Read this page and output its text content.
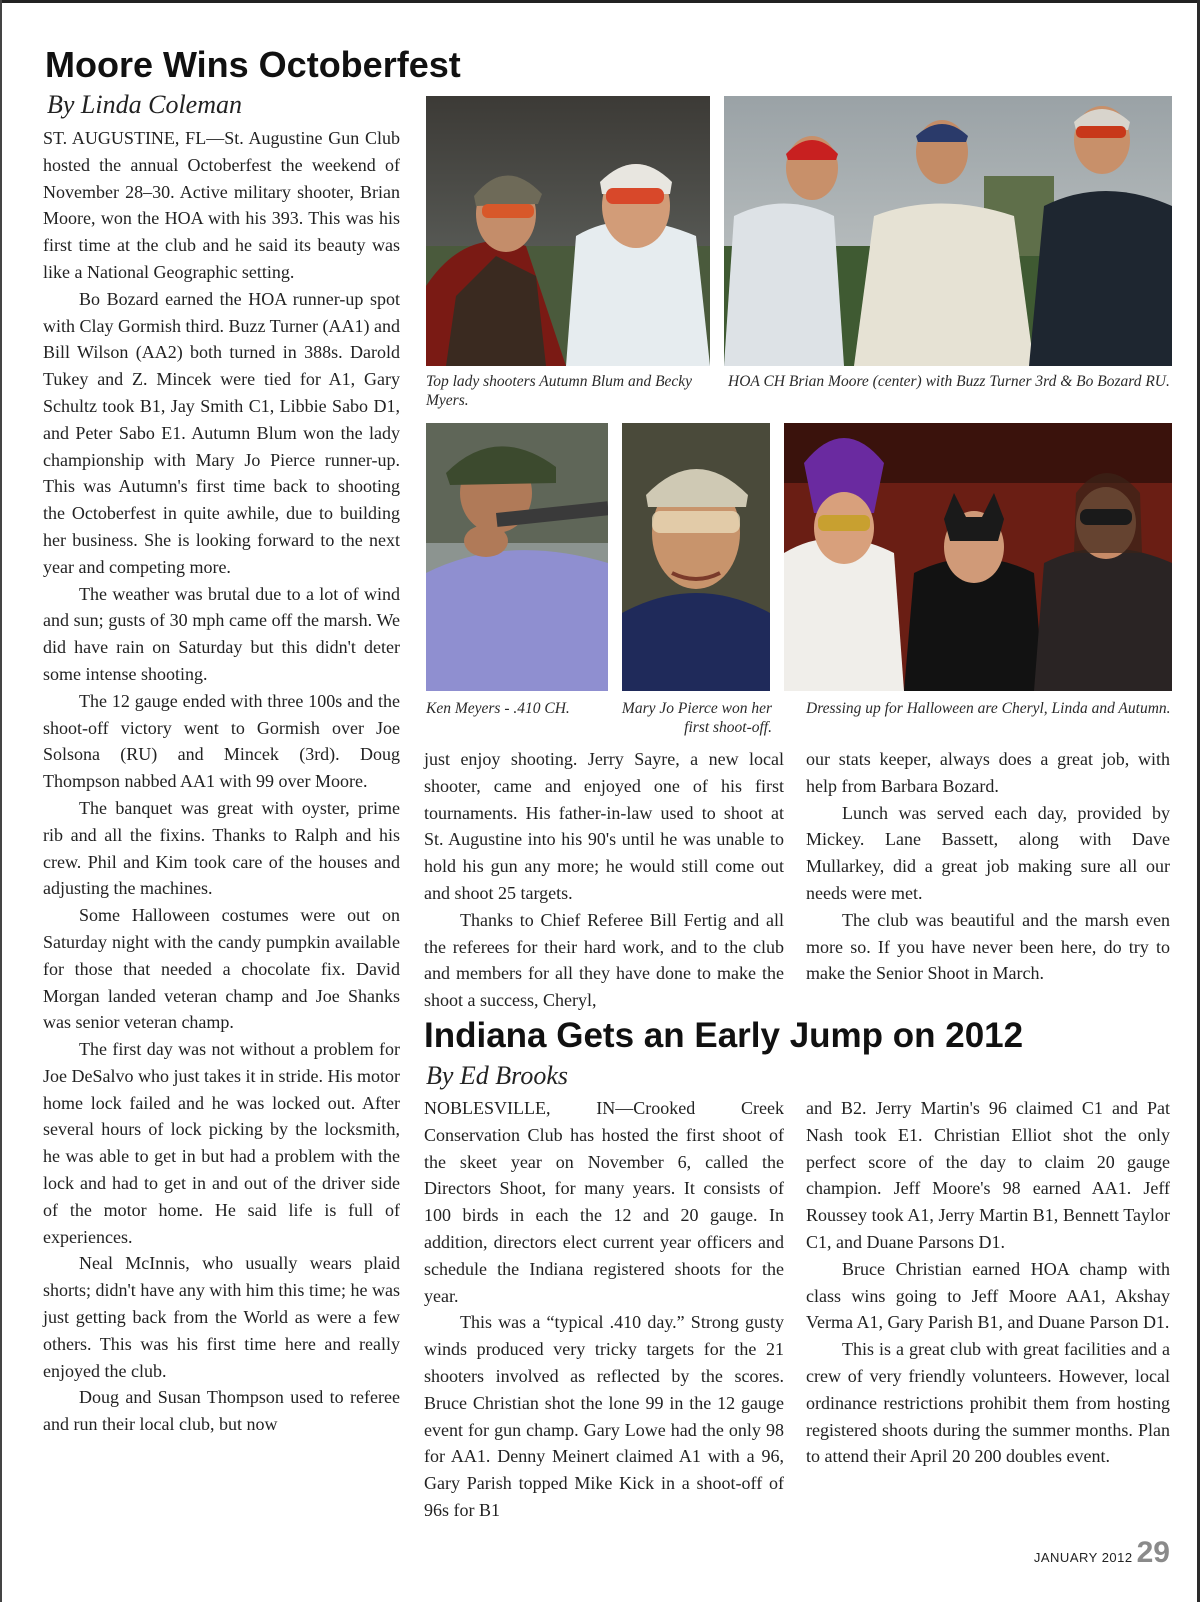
Moore Wins Octoberfest
By Linda Coleman

ST. AUGUSTINE, FL—St. Augustine Gun Club hosted the annual Octoberfest the weekend of November 28–30. Active military shooter, Brian Moore, won the HOA with his 393. This was his first time at the club and he said its beauty was like a National Geographic setting.

Bo Bozard earned the HOA runner-up spot with Clay Gormish third. Buzz Turner (AA1) and Bill Wilson (AA2) both turned in 388s. Darold Tukey and Z. Mincek were tied for A1, Gary Schultz took B1, Jay Smith C1, Libbie Sabo D1, and Peter Sabo E1. Autumn Blum won the lady championship with Mary Jo Pierce runner-up. This was Autumn's first time back to shooting the Octoberfest in quite awhile, due to building her business. She is looking forward to the next year and competing more.

The weather was brutal due to a lot of wind and sun; gusts of 30 mph came off the marsh. We did have rain on Saturday but this didn't deter some intense shooting.

The 12 gauge ended with three 100s and the shoot-off victory went to Gormish over Joe Solsona (RU) and Mincek (3rd). Doug Thompson nabbed AA1 with 99 over Moore.

The banquet was great with oyster, prime rib and all the fixins. Thanks to Ralph and his crew. Phil and Kim took care of the houses and adjusting the machines.

Some Halloween costumes were out on Saturday night with the candy pumpkin available for those that needed a chocolate fix. David Morgan landed veteran champ and Joe Shanks was senior veteran champ.

The first day was not without a problem for Joe DeSalvo who just takes it in stride. His motor home lock failed and he was locked out. After several hours of lock picking by the locksmith, he was able to get in but had a problem with the lock and had to get in and out of the driver side of the motor home. He said life is full of experiences.

Neal McInnis, who usually wears plaid shorts; didn't have any with him this time; he was just getting back from the World as were a few others. This was his first time here and really enjoyed the club.

Doug and Susan Thompson used to referee and run their local club, but now

Top lady shooters Autumn Blum and Becky Myers.
HOA CH Brian Moore (center) with Buzz Turner 3rd & Bo Bozard RU.
Ken Meyers - .410 CH.	Mary Jo Pierce won her first shoot-off.
Dressing up for Halloween are Cheryl, Linda and Autumn.

just enjoy shooting. Jerry Sayre, a new local shooter, came and enjoyed one of his first tournaments. His father-in-law used to shoot at St. Augustine into his 90's until he was unable to hold his gun any more; he would still come out and shoot 25 targets.

Thanks to Chief Referee Bill Fertig and all the referees for their hard work, and to the club and members for all they have done to make the shoot a success, Cheryl,

our stats keeper, always does a great job, with help from Barbara Bozard.

Lunch was served each day, provided by Mickey. Lane Bassett, along with Dave Mullarkey, did a great job making sure all our needs were met.

The club was beautiful and the marsh even more so. If you have never been here, do try to make the Senior Shoot in March.

Indiana Gets an Early Jump on 2012
By Ed Brooks

NOBLESVILLE, IN—Crooked Creek Conservation Club has hosted the first shoot of the skeet year on November 6, called the Directors Shoot, for many years. It consists of 100 birds in each the 12 and 20 gauge. In addition, directors elect current year officers and schedule the Indiana registered shoots for the year.

This was a “typical .410 day.” Strong gusty winds produced very tricky targets for the 21 shooters involved as reflected by the scores. Bruce Christian shot the lone 99 in the 12 gauge event for gun champ. Gary Lowe had the only 98 for AA1. Denny Meinert claimed A1 with a 96, Gary Parish topped Mike Kick in a shoot-off of 96s for B1

and B2. Jerry Martin's 96 claimed C1 and Pat Nash took E1. Christian Elliot shot the only perfect score of the day to claim 20 gauge champion. Jeff Moore's 98 earned AA1. Jeff Roussey took A1, Jerry Martin B1, Bennett Taylor C1, and Duane Parsons D1.

Bruce Christian earned HOA champ with class wins going to Jeff Moore AA1, Akshay Verma A1, Gary Parish B1, and Duane Parson D1.

This is a great club with great facilities and a crew of very friendly volunteers. However, local ordinance restrictions prohibit them from hosting registered shoots during the summer months. Plan to attend their April 20 200 doubles event.

JANUARY 2012 29
